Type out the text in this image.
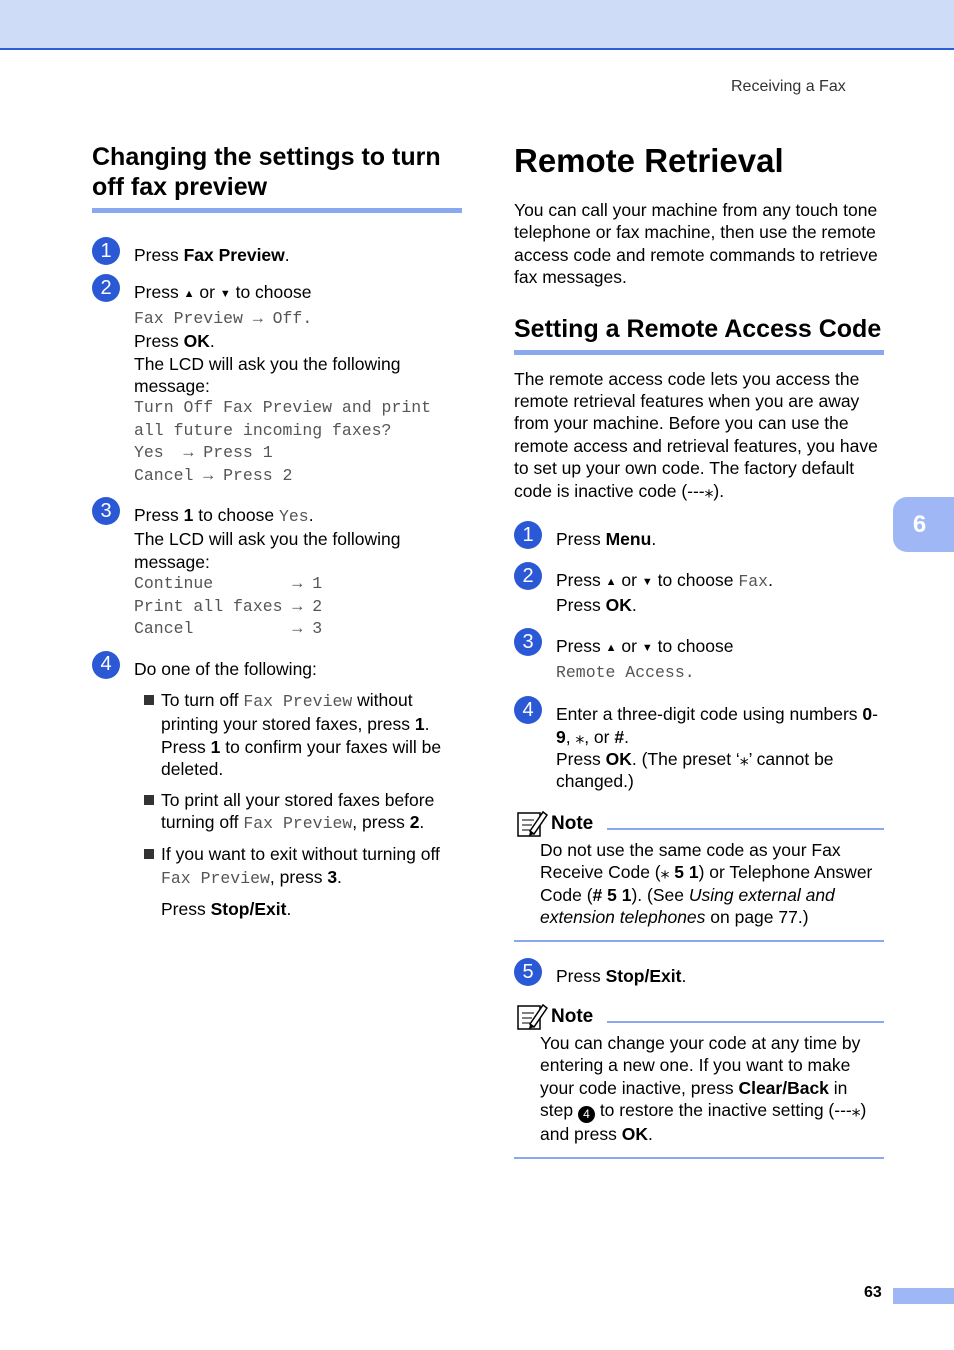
Receiving a Fax
6
Changing the settings to turn off fax preview
1	Press Fax Preview.
2	Press ▲ or ▼ to choose
Fax Preview → Off.
Press OK.
The LCD will ask you the following message:
Turn Off Fax Preview and print
all future incoming faxes?
Yes  → Press 1
Cancel → Press 2
3	Press 1 to choose Yes.
The LCD will ask you the following message:
Continue        → 1
Print all faxes → 2
Cancel          → 3
4	Do one of the following:
To turn off Fax Preview without printing your stored faxes, press 1. Press 1 to confirm your faxes will be deleted.
To print all your stored faxes before turning off Fax Preview, press 2.
If you want to exit without turning off Fax Preview, press 3.
Press Stop/Exit.
Remote Retrieval
You can call your machine from any touch tone telephone or fax machine, then use the remote access code and remote commands to retrieve fax messages.
Setting a Remote Access Code
The remote access code lets you access the remote retrieval features when you are away from your machine. Before you can use the remote access and retrieval features, you have to set up your own code. The factory default code is inactive code (---⁎).
1	Press Menu.
2	Press ▲ or ▼ to choose Fax.
Press OK.
3	Press ▲ or ▼ to choose
Remote Access.
4	Enter a three-digit code using numbers 0-9, ⁎, or #.
Press OK. (The preset ‘⁎’ cannot be changed.)
Note
Do not use the same code as your Fax Receive Code (⁎ 5 1) or Telephone Answer Code (# 5 1). (See Using external and extension telephones on page 77.)
5	Press Stop/Exit.
Note
You can change your code at any time by entering a new one. If you want to make your code inactive, press Clear/Back in step 4 to restore the inactive setting (---⁎) and press OK.
63
